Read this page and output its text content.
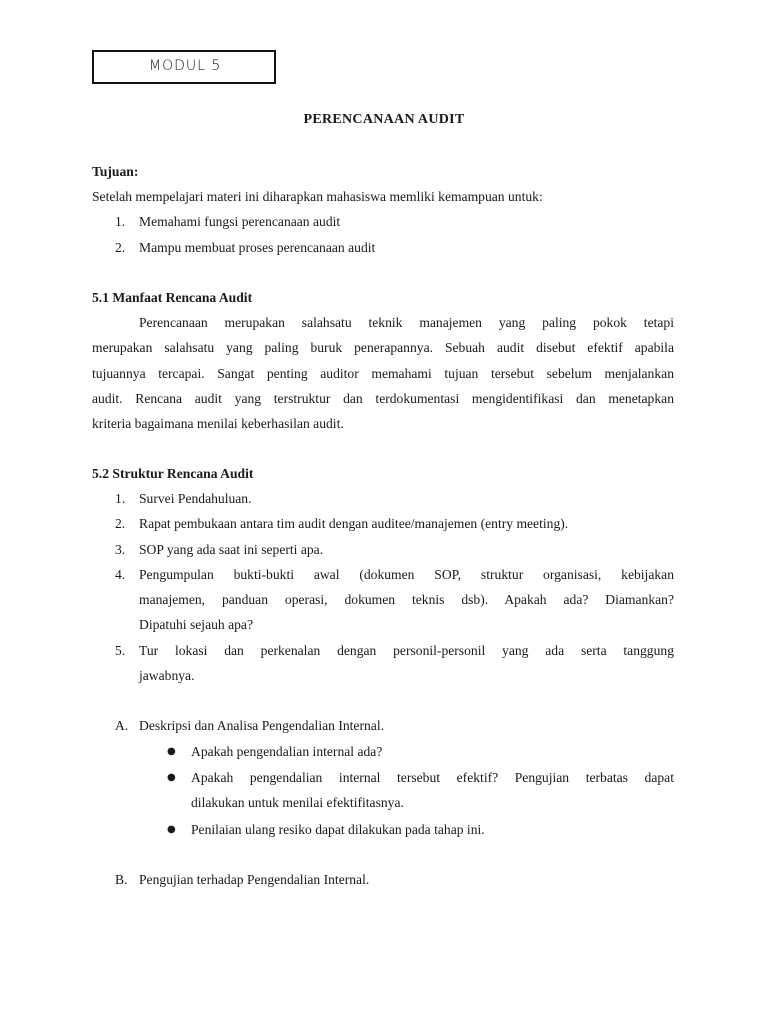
MODUL 5
PERENCANAAN AUDIT
Tujuan:
Setelah mempelajari materi ini diharapkan mahasiswa memliki kemampuan untuk:
1.	Memahami fungsi perencanaan audit
2.	Mampu membuat proses perencanaan audit
5.1 Manfaat Rencana Audit
Perencanaan merupakan salahsatu teknik manajemen yang paling pokok tetapi
merupakan salahsatu yang paling buruk penerapannya. Sebuah audit disebut efektif apabila
tujuannya tercapai. Sangat penting auditor memahami tujuan tersebut sebelum menjalankan
audit. Rencana audit yang terstruktur dan terdokumentasi mengidentifikasi dan menetapkan
kriteria bagaimana menilai keberhasilan audit.
5.2 Struktur Rencana Audit
1.	Survei Pendahuluan.
2.	Rapat pembukaan antara tim audit dengan auditee/manajemen (entry meeting).
3.	SOP yang ada saat ini seperti apa.
4.	Pengumpulan bukti-bukti awal (dokumen SOP, struktur organisasi, kebijakan
manajemen, panduan operasi, dokumen teknis dsb). Apakah ada? Diamankan?
Dipatuhi sejauh apa?
5.	Tur lokasi dan perkenalan dengan personil-personil yang ada serta tanggung
jawabnya.
A. Deskripsi dan Analisa Pengendalian Internal.
● Apakah pengendalian internal ada?
● Apakah pengendalian internal tersebut efektif? Pengujian terbatas dapat
dilakukan untuk menilai efektifitasnya.
● Penilaian ulang resiko dapat dilakukan pada tahap ini.
B. Pengujian terhadap Pengendalian Internal.
